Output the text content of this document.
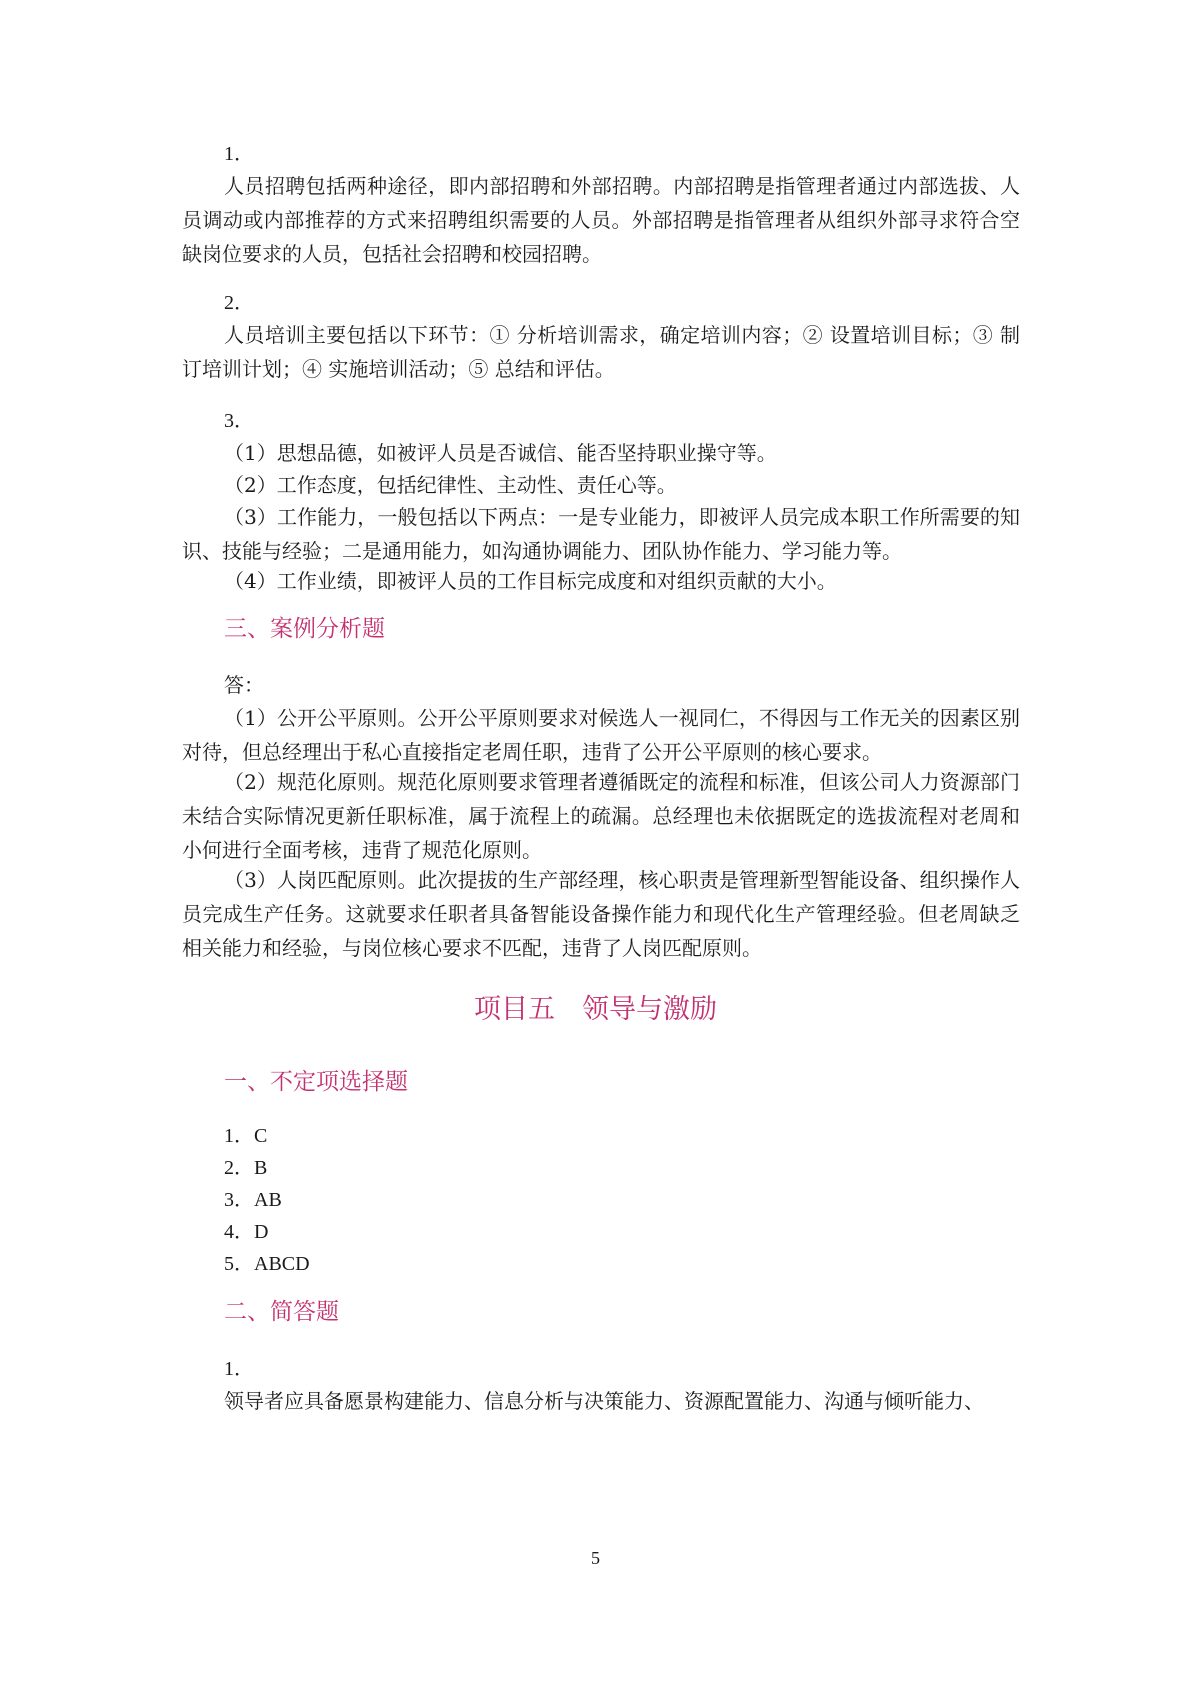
1．

人员招聘包括两种途径，即内部招聘和外部招聘。内部招聘是指管理者通过内部选拔、人员调动或内部推荐的方式来招聘组织需要的人员。外部招聘是指管理者从组织外部寻求符合空缺岗位要求的人员，包括社会招聘和校园招聘。

2．

人员培训主要包括以下环节：① 分析培训需求，确定培训内容；② 设置培训目标；③ 制订培训计划；④ 实施培训活动；⑤ 总结和评估。

3．

（1）思想品德，如被评人员是否诚信、能否坚持职业操守等。

（2）工作态度，包括纪律性、主动性、责任心等。

（3）工作能力，一般包括以下两点：一是专业能力，即被评人员完成本职工作所需要的知识、技能与经验；二是通用能力，如沟通协调能力、团队协作能力、学习能力等。

（4）工作业绩，即被评人员的工作目标完成度和对组织贡献的大小。

三、案例分析题

答：

（1）公开公平原则。公开公平原则要求对候选人一视同仁，不得因与工作无关的因素区别对待，但总经理出于私心直接指定老周任职，违背了公开公平原则的核心要求。

（2）规范化原则。规范化原则要求管理者遵循既定的流程和标准，但该公司人力资源部门未结合实际情况更新任职标准，属于流程上的疏漏。总经理也未依据既定的选拔流程对老周和小何进行全面考核，违背了规范化原则。

（3）人岗匹配原则。此次提拔的生产部经理，核心职责是管理新型智能设备、组织操作人员完成生产任务。这就要求任职者具备智能设备操作能力和现代化生产管理经验。但老周缺乏相关能力和经验，与岗位核心要求不匹配，违背了人岗匹配原则。

项目五　领导与激励

一、不定项选择题

1．C

2．B

3．AB

4．D

5．ABCD

二、简答题

1．

领导者应具备愿景构建能力、信息分析与决策能力、资源配置能力、沟通与倾听能力、

5
